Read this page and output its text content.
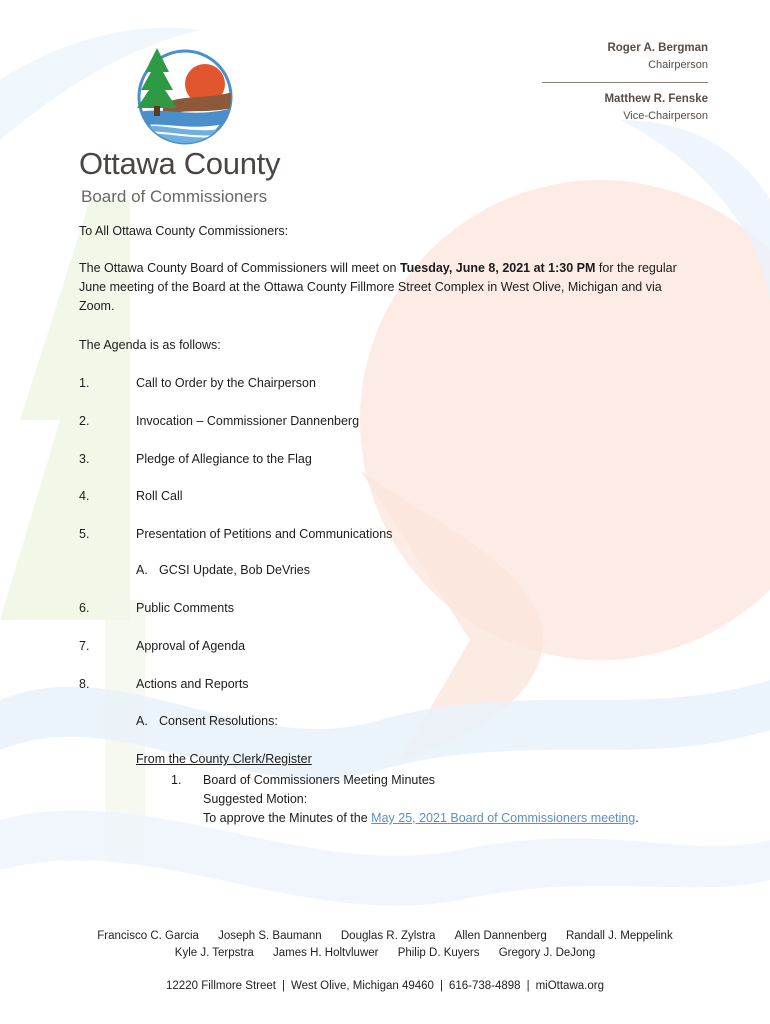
Ottawa County
Board of Commissioners
Roger A. Bergman
Chairperson
Matthew R. Fenske
Vice-Chairperson
To All Ottawa County Commissioners:
The Ottawa County Board of Commissioners will meet on Tuesday, June 8, 2021 at 1:30 PM for the regular June meeting of the Board at the Ottawa County Fillmore Street Complex in West Olive, Michigan and via Zoom.
The Agenda is as follows:
1.	Call to Order by the Chairperson
2.	Invocation – Commissioner Dannenberg
3.	Pledge of Allegiance to the Flag
4.	Roll Call
5.	Presentation of Petitions and Communications
A. GCSI Update, Bob DeVries
6.	Public Comments
7.	Approval of Agenda
8.	Actions and Reports
A. Consent Resolutions:
From the County Clerk/Register
1. Board of Commissioners Meeting Minutes
Suggested Motion:
To approve the Minutes of the May 25, 2021 Board of Commissioners meeting.
Francisco C. Garcia Joseph S. Baumann Douglas R. Zylstra Allen Dannenberg Randall J. Meppelink
Kyle J. Terpstra James H. Holtvluwer Philip D. Kuyers Gregory J. DeJong
12220 Fillmore Street | West Olive, Michigan 49460 | 616-738-4898 | miOttawa.org
